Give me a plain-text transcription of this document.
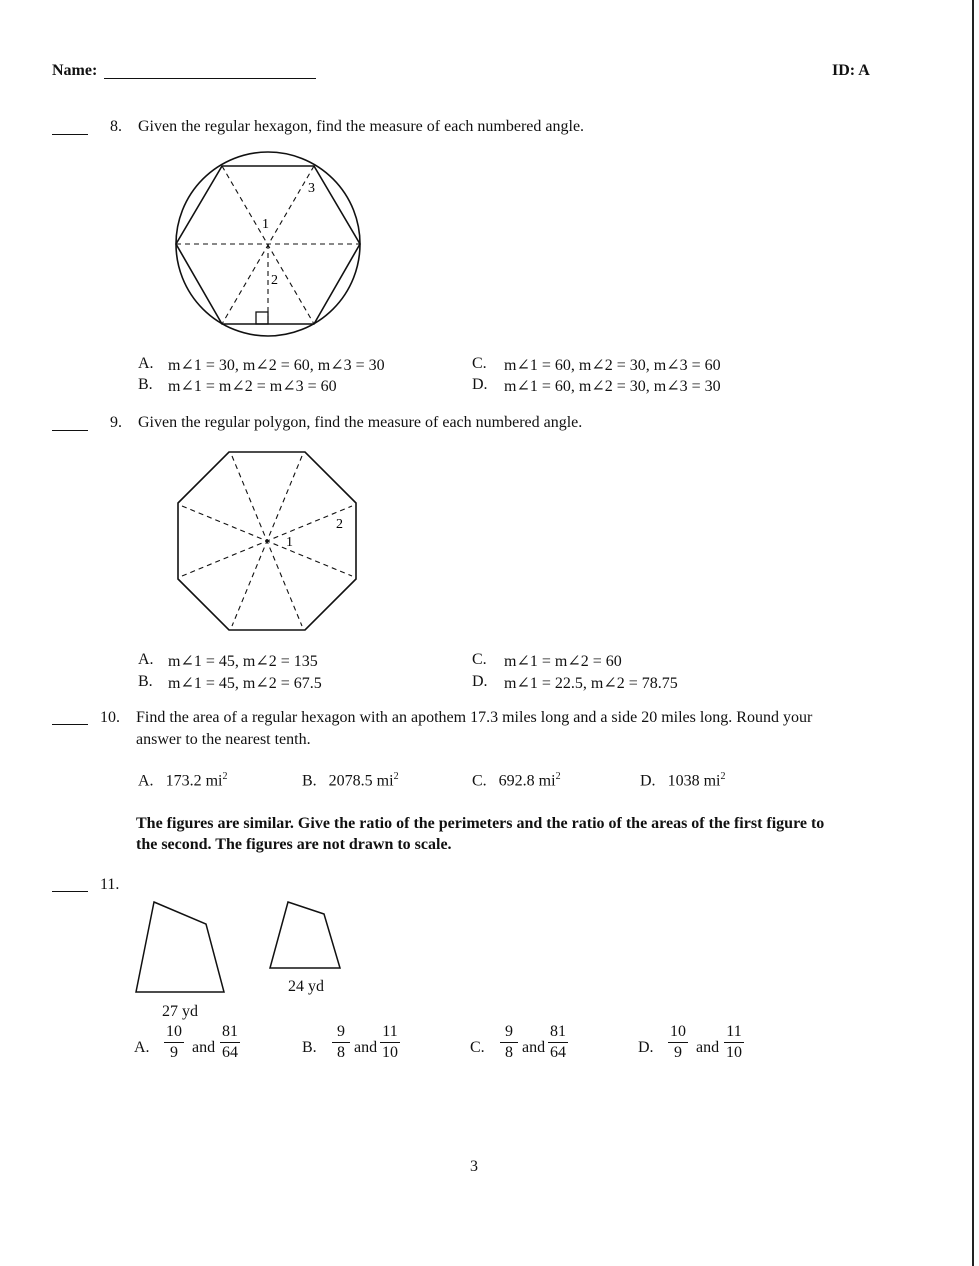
Name:	ID: A
8. Given the regular hexagon, find the measure of each numbered angle.
1
2
3
A. m∠1 = 30, m∠2 = 60, m∠3 = 30
B. m∠1 = m∠2 = m∠3 = 60
C. m∠1 = 60, m∠2 = 30, m∠3 = 60
D. m∠1 = 60, m∠2 = 30, m∠3 = 30
9. Given the regular polygon, find the measure of each numbered angle.
1
2
A. m∠1 = 45, m∠2 = 135
B. m∠1 = 45, m∠2 = 67.5
C. m∠1 = m∠2 = 60
D. m∠1 = 22.5, m∠2 = 78.75
10. Find the area of a regular hexagon with an apothem 17.3 miles long and a side 20 miles long. Round your
answer to the nearest tenth.
A. 173.2 $mi^2$	B. 2078.5 $mi^2$	C. 692.8 $mi^2$	D. 1038 $mi^2$
The figures are similar. Give the ratio of the perimeters and the ratio of the areas of the first figure to
the second. The figures are not drawn to scale.
11.
27 yd
24 yd
A.
10
9 and
81
64	B.
9
8 and
11
10	C.
9
8 and
81
64	D.
10
9 and
11
10
3
